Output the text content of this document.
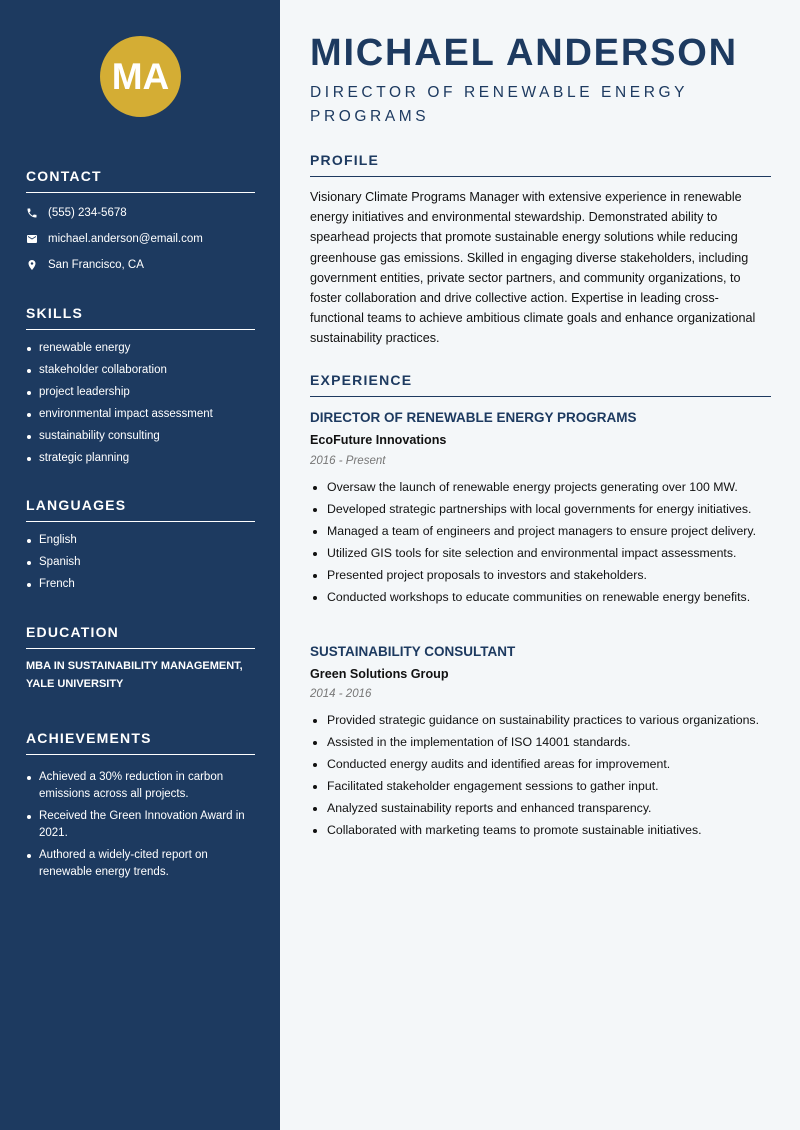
MA
CONTACT
(555) 234-5678
michael.anderson@email.com
San Francisco, CA
SKILLS
renewable energy
stakeholder collaboration
project leadership
environmental impact assessment
sustainability consulting
strategic planning
LANGUAGES
English
Spanish
French
EDUCATION
MBA IN SUSTAINABILITY MANAGEMENT, YALE UNIVERSITY
ACHIEVEMENTS
Achieved a 30% reduction in carbon emissions across all projects.
Received the Green Innovation Award in 2021.
Authored a widely-cited report on renewable energy trends.
MICHAEL ANDERSON
DIRECTOR OF RENEWABLE ENERGY PROGRAMS
PROFILE

Visionary Climate Programs Manager with extensive experience in renewable energy initiatives and environmental stewardship. Demonstrated ability to spearhead projects that promote sustainable energy solutions while reducing greenhouse gas emissions. Skilled in engaging diverse stakeholders, including government entities, private sector partners, and community organizations, to foster collaboration and drive collective action. Expertise in leading cross-functional teams to achieve ambitious climate goals and enhance organizational sustainability practices.

EXPERIENCE
DIRECTOR OF RENEWABLE ENERGY PROGRAMS
EcoFuture Innovations
2016 - Present
Oversaw the launch of renewable energy projects generating over 100 MW.
Developed strategic partnerships with local governments for energy initiatives.
Managed a team of engineers and project managers to ensure project delivery.
Utilized GIS tools for site selection and environmental impact assessments.
Presented project proposals to investors and stakeholders.
Conducted workshops to educate communities on renewable energy benefits.
SUSTAINABILITY CONSULTANT
Green Solutions Group
2014 - 2016
Provided strategic guidance on sustainability practices to various organizations.
Assisted in the implementation of ISO 14001 standards.
Conducted energy audits and identified areas for improvement.
Facilitated stakeholder engagement sessions to gather input.
Analyzed sustainability reports and enhanced transparency.
Collaborated with marketing teams to promote sustainable initiatives.
